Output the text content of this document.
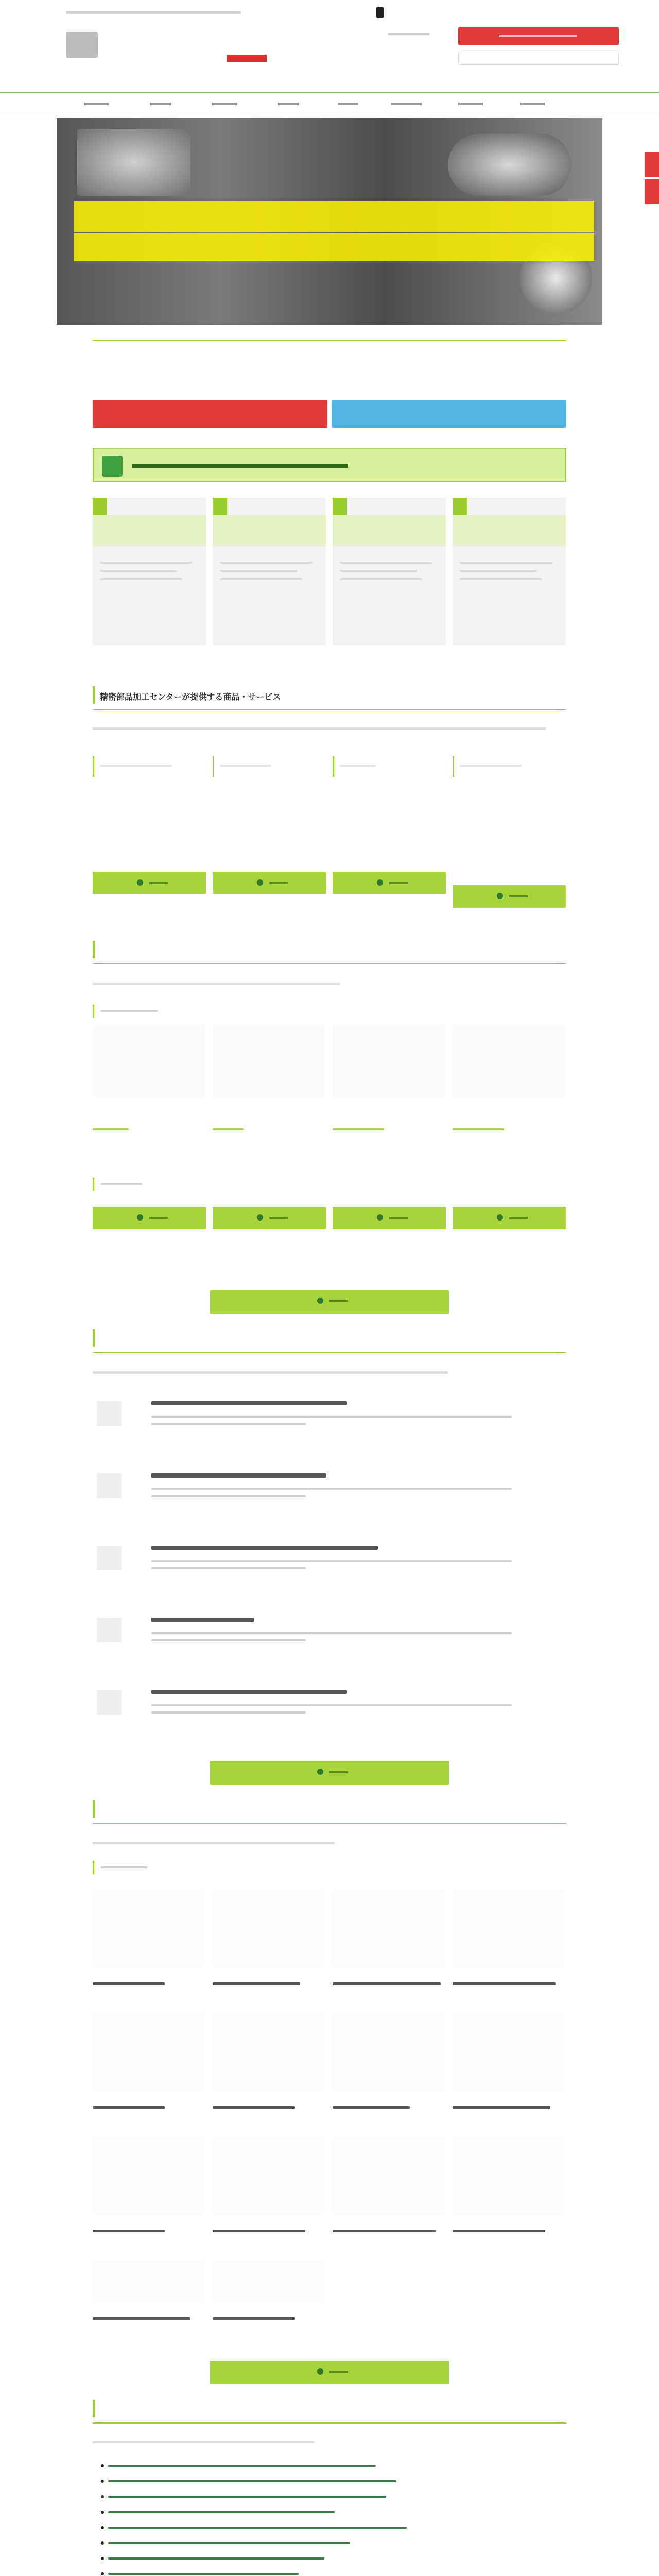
精密部品加工センターが提供する商品・サービス
